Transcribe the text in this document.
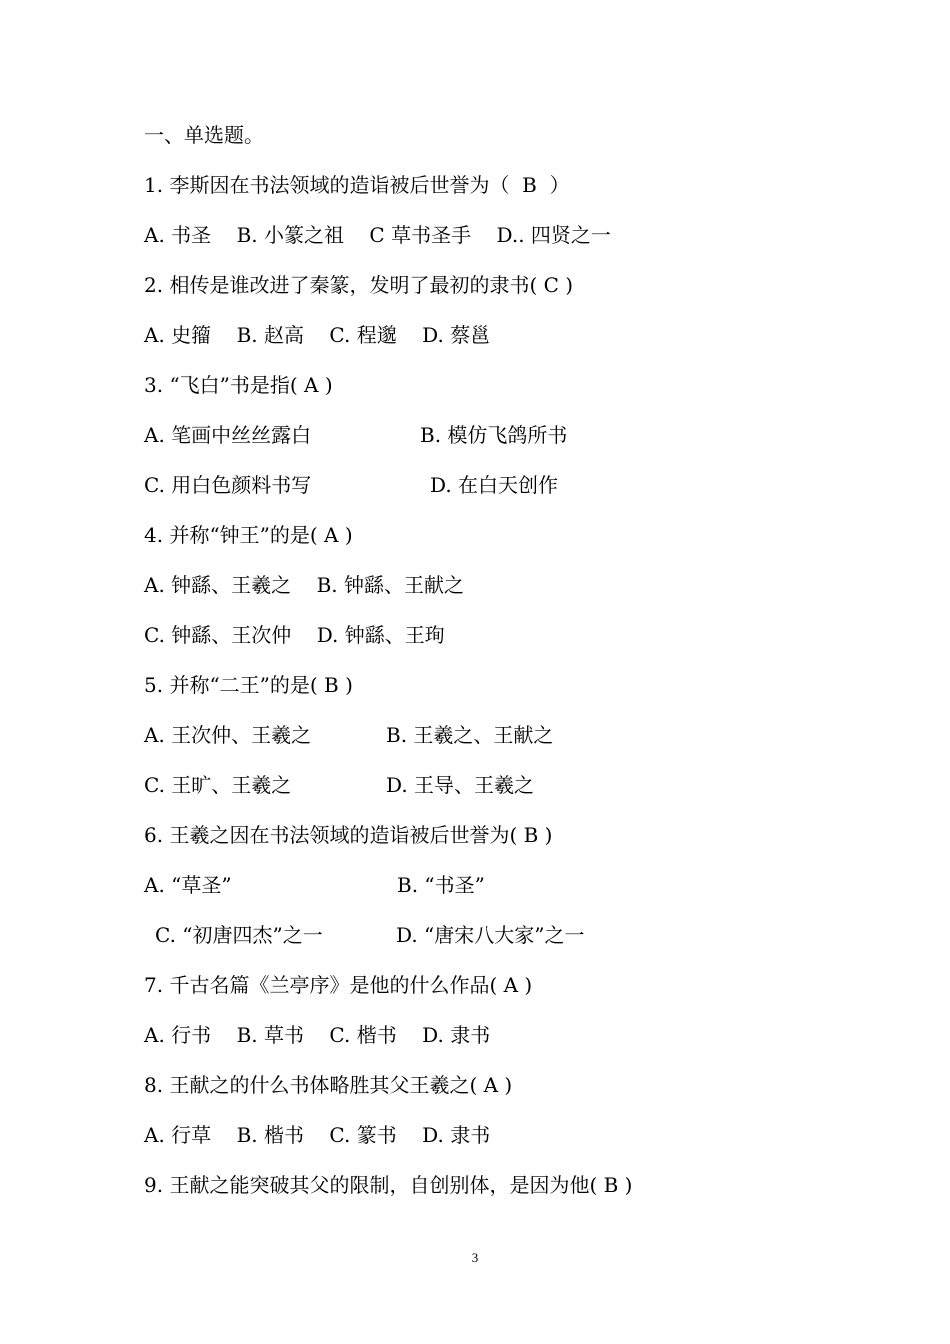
一、单选题。
1. 李斯因在书法领域的造诣被后世誉为（  B  ）
A. 书圣    B. 小篆之祖    C 草书圣手    D.. 四贤之一
2. 相传是谁改进了秦篆，发明了最初的隶书( C )
A. 史籀    B. 赵高    C. 程邈    D. 蔡邕
3. “飞白”书是指( A )

A. 笔画中丝丝露白

	B. 模仿飞鸽所书

C. 用白色颜料书写

	D. 在白天创作

4. 并称“钟王”的是( A )
A. 钟繇、王羲之    B. 钟繇、王献之
C. 钟繇、王次仲    D. 钟繇、王珣
5. 并称“二王”的是( B )

A. 王次仲、王羲之

	B. 王羲之、王献之

C. 王旷、王羲之

	D. 王导、王羲之

6. 王羲之因在书法领域的造诣被后世誉为( B )

A. “草圣”

	B. “书圣”

C. “初唐四杰”之一

	D. “唐宋八大家”之一

7. 千古名篇《兰亭序》是他的什么作品( A )
A. 行书    B. 草书    C. 楷书    D. 隶书
8. 王献之的什么书体略胜其父王羲之( A )
A. 行草    B. 楷书    C. 篆书    D. 隶书
9. 王献之能突破其父的限制，自创别体，是因为他( B )
3
